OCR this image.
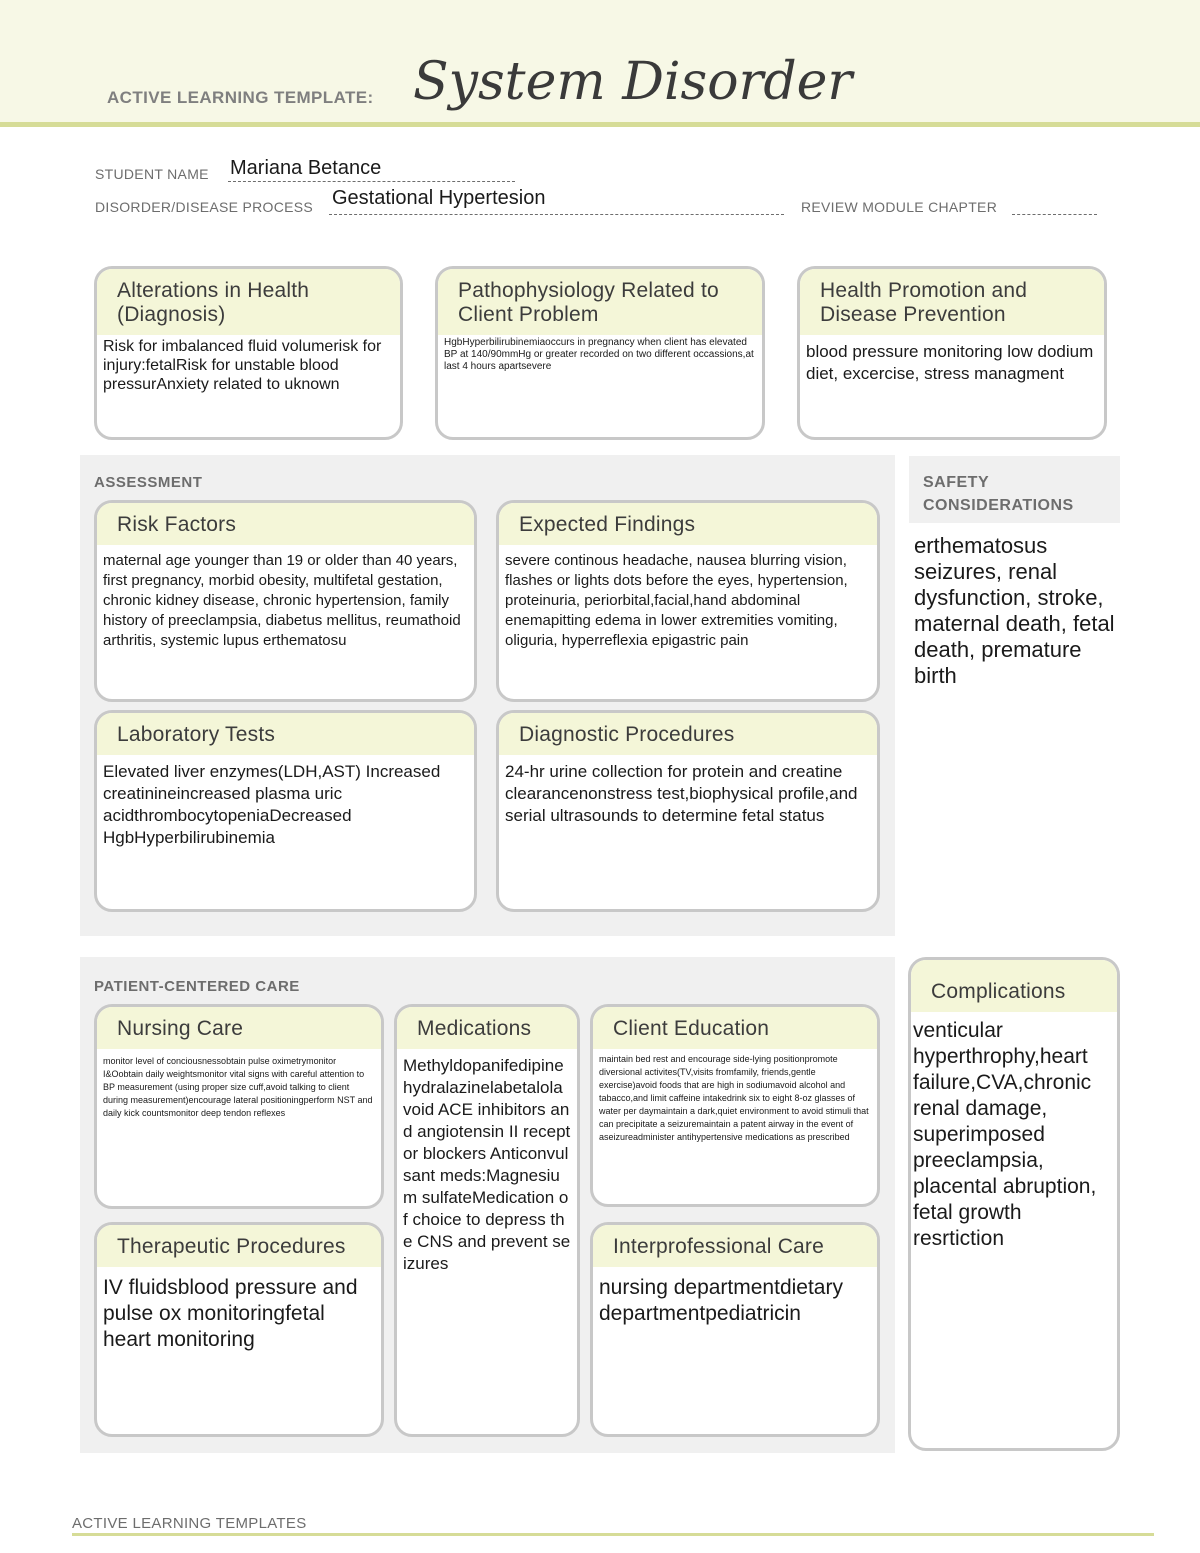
ACTIVE LEARNING TEMPLATE: System Disorder
STUDENT NAME Mariana Betance
DISORDER/DISEASE PROCESS Gestational Hypertesion	REVIEW MODULE CHAPTER
Alterations in Health (Diagnosis)
Risk for imbalanced fluid volumerisk for injury:fetalRisk for unstable blood pressurAnxiety related to uknown
Pathophysiology Related to Client Problem
HgbHyperbilirubinemiaoccurs in pregnancy when client has elevated BP at 140/90mmHg or greater recorded on two different occassions,at last 4 hours apartsevere
Health Promotion and Disease Prevention
blood pressure monitoring low dodium diet, excercise, stress managment
ASSESSMENT
Risk Factors
maternal age younger than 19 or older than 40 years, first pregnancy, morbid obesity, multifetal gestation, chronic kidney disease, chronic hypertension, family history of preeclampsia, diabetus mellitus, reumathoid arthritis, systemic lupus erthematosu
Expected Findings
severe continous headache, nausea blurring vision, flashes or lights dots before the eyes, hypertension, proteinuria, periorbital,facial,hand abdominal enemapitting edema in lower extremities vomiting, oliguria, hyperreflexia epigastric pain
Laboratory Tests
Elevated liver enzymes(LDH,AST) Increased creatinineincreased plasma uric acidthrombocytopeniaDecreased HgbHyperbilirubinemia
Diagnostic Procedures
24-hr urine collection for protein and creatine clearancenonstress test,biophysical profile,and serial ultrasounds to determine fetal status
SAFETY CONSIDERATIONS
erthematosus seizures, renal dysfunction, stroke, maternal death, fetal death, premature birth
PATIENT-CENTERED CARE
Nursing Care
monitor level of conciousnessobtain pulse oximetrymonitor I&Oobtain daily weightsmonitor vital signs with careful attention to BP measurement (using proper size cuff,avoid talking to client during measurement)encourage lateral positioningperform NST and daily kick countsmonitor deep tendon reflexes
Medications
Methyldopanifedipinehydralazinelabetalolavoid ACE inhibitors and angiotensin II receptor blockers Anticonvulsant meds:Magnesium sulfateMedication of choice to depress the CNS and prevent seizures
Client Education
maintain bed rest and encourage side-lying positionpromote diversional activites(TV,visits fromfamily, friends,gentle exercise)avoid foods that are high in sodiumavoid alcohol and tabacco,and limit caffeine intakedrink six to eight 8-oz glasses of water per daymaintain a dark,quiet environment to avoid stimuli that can precipitate a seizuremaintain a patent airway in the event of aseizureadminister antihypertensive medications as prescribed
Therapeutic Procedures
IV fluidsblood pressure and pulse ox monitoringfetal heart monitoring
Interprofessional Care
nursing departmentdietary departmentpediatricin
Complications
venticular hyperthrophy,heart failure,CVA,chronic renal damage, superimposed preeclampsia, placental abruption, fetal growth resrtiction
ACTIVE LEARNING TEMPLATES
